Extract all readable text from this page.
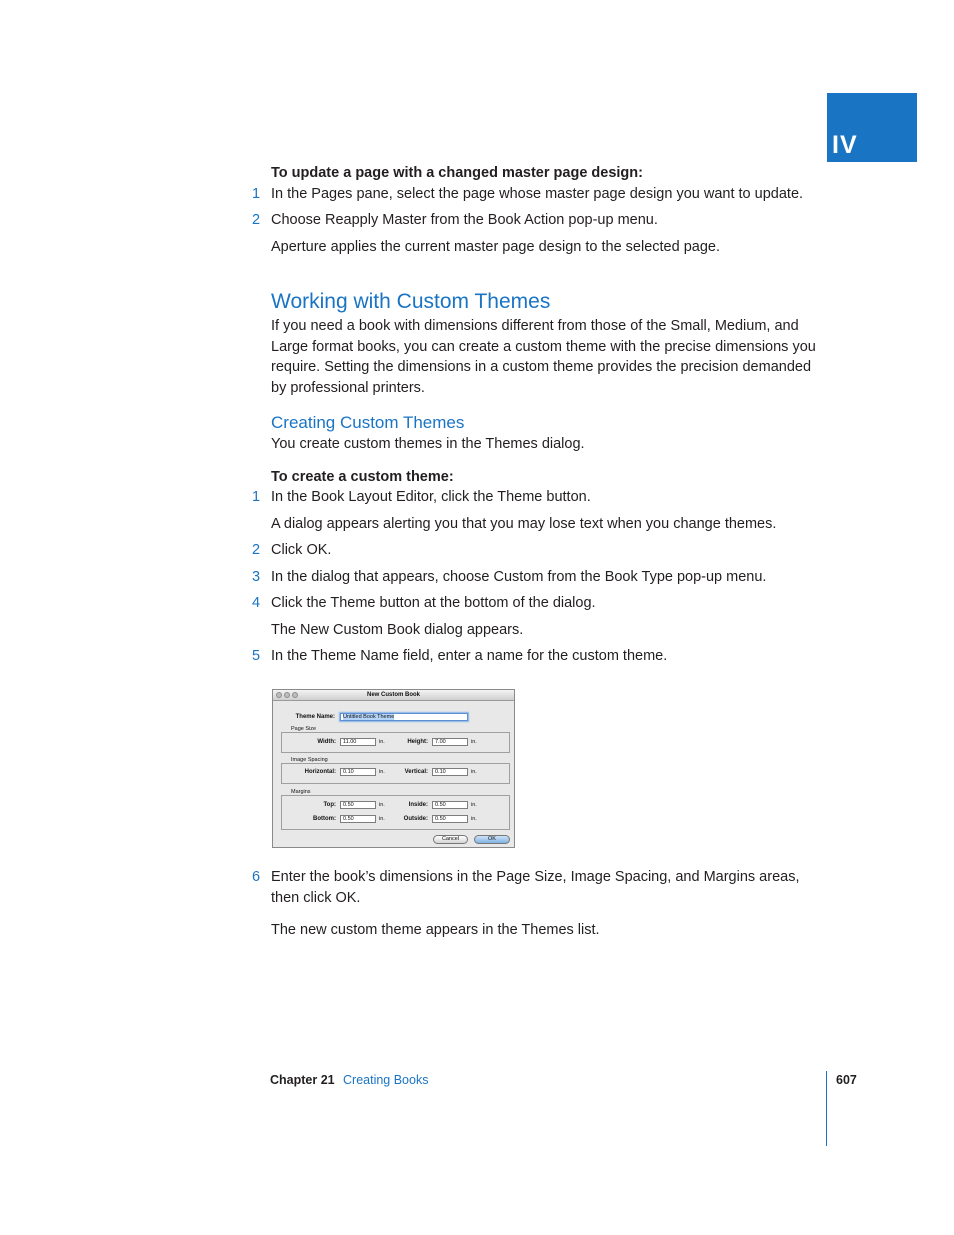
IV
To update a page with a changed master page design:
1 In the Pages pane, select the page whose master page design you want to update.
2 Choose Reapply Master from the Book Action pop-up menu.
Aperture applies the current master page design to the selected page.
Working with Custom Themes
If you need a book with dimensions different from those of the Small, Medium, and Large format books, you can create a custom theme with the precise dimensions you require. Setting the dimensions in a custom theme provides the precision demanded by professional printers.
Creating Custom Themes
You create custom themes in the Themes dialog.
To create a custom theme:
1 In the Book Layout Editor, click the Theme button.
A dialog appears alerting you that you may lose text when you change themes.
2 Click OK.
3 In the dialog that appears, choose Custom from the Book Type pop-up menu.
4 Click the Theme button at the bottom of the dialog.
The New Custom Book dialog appears.
5 In the Theme Name field, enter a name for the custom theme.
New Custom Book
Theme Name:	Untitled Book Theme
Page Size
Width:	11.00	in.	Height:	7.00	in.
Image Spacing
Horizontal:	0.10	in.	Vertical:	0.10	in.
Margins
Top:	0.50	in.	Inside:	0.50	in.
Bottom:	0.50	in.	Outside:	0.50	in.
Cancel	OK
6 Enter the book’s dimensions in the Page Size, Image Spacing, and Margins areas, then click OK.
The new custom theme appears in the Themes list.
Chapter 21 Creating Books	607
